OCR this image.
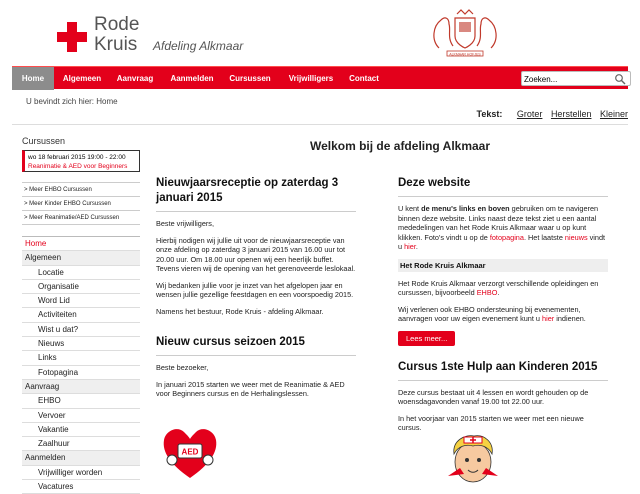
Rode
Kruis Afdeling Alkmaar
ALKMAAR HOFJES
Home	Algemeen	Aanvraag	Aanmelden	Cursussen	Vrijwilligers	Contact
Zoeken...
U bevindt zich hier: Home
Tekst: Groter Herstellen Kleiner
Cursussen
wo 18 februari 2015 19:00 - 22:00
Reanimatie & AED voor Beginners
> Meer EHBO Cursussen
> Meer Kinder EHBO Cursussen
> Meer Reanimatie/AED Cursussen
Home
Algemeen
Locatie
Organisatie
Word Lid
Activiteiten
Wist u dat?
Nieuws
Links
Fotopagina
Aanvraag
EHBO
Vervoer
Vakantie
Zaalhuur
Aanmelden
Vrijwilliger worden
Vacatures
Welkom bij de afdeling Alkmaar
Nieuwjaarsreceptie op zaterdag 3 januari 2015

Beste vrijwilligers,

Hierbij nodigen wij jullie uit voor de nieuwjaarsreceptie van onze afdeling op zaterdag 3 januari 2015 van 16.00 uur tot 20.00 uur. Om 18.00 uur openen wij een heerlijk buffet. Tevens vieren wij de opening van het gerenoveerde leslokaal.

Wij bedanken jullie voor je inzet van het afgelopen jaar en wensen jullie gezellige feestdagen en een voorspoedig 2015.

Namens het bestuur, Rode Kruis - afdeling Alkmaar.

Nieuw cursus seizoen 2015

Beste bezoeker,

In januari 2015 starten we weer met de Reanimatie & AED voor Beginners cursus en de Herhalingslessen.

AED
Deze website

U kent de menu's links en boven gebruiken om te navigeren binnen deze website. Links naast deze tekst ziet u een aantal mededelingen van het Rode Kruis Alkmaar waar u op kunt klikken. Foto's vindt u op de fotopagina. Het laatste nieuws vindt u hier.

Het Rode Kruis Alkmaar

Het Rode Kruis Alkmaar verzorgt verschillende opleidingen en cursussen, bijvoorbeeld EHBO.

Wij verlenen ook EHBO ondersteuning bij evenementen, aanvragen voor uw eigen evenement kunt u hier indienen.

Lees meer...
Cursus 1ste Hulp aan Kinderen 2015

Deze cursus bestaat uit 4 lessen en wordt gehouden op de woensdagavonden vanaf 19.00 tot 22.00 uur.

In het voorjaar van 2015 starten we weer met een nieuwe cursus.
